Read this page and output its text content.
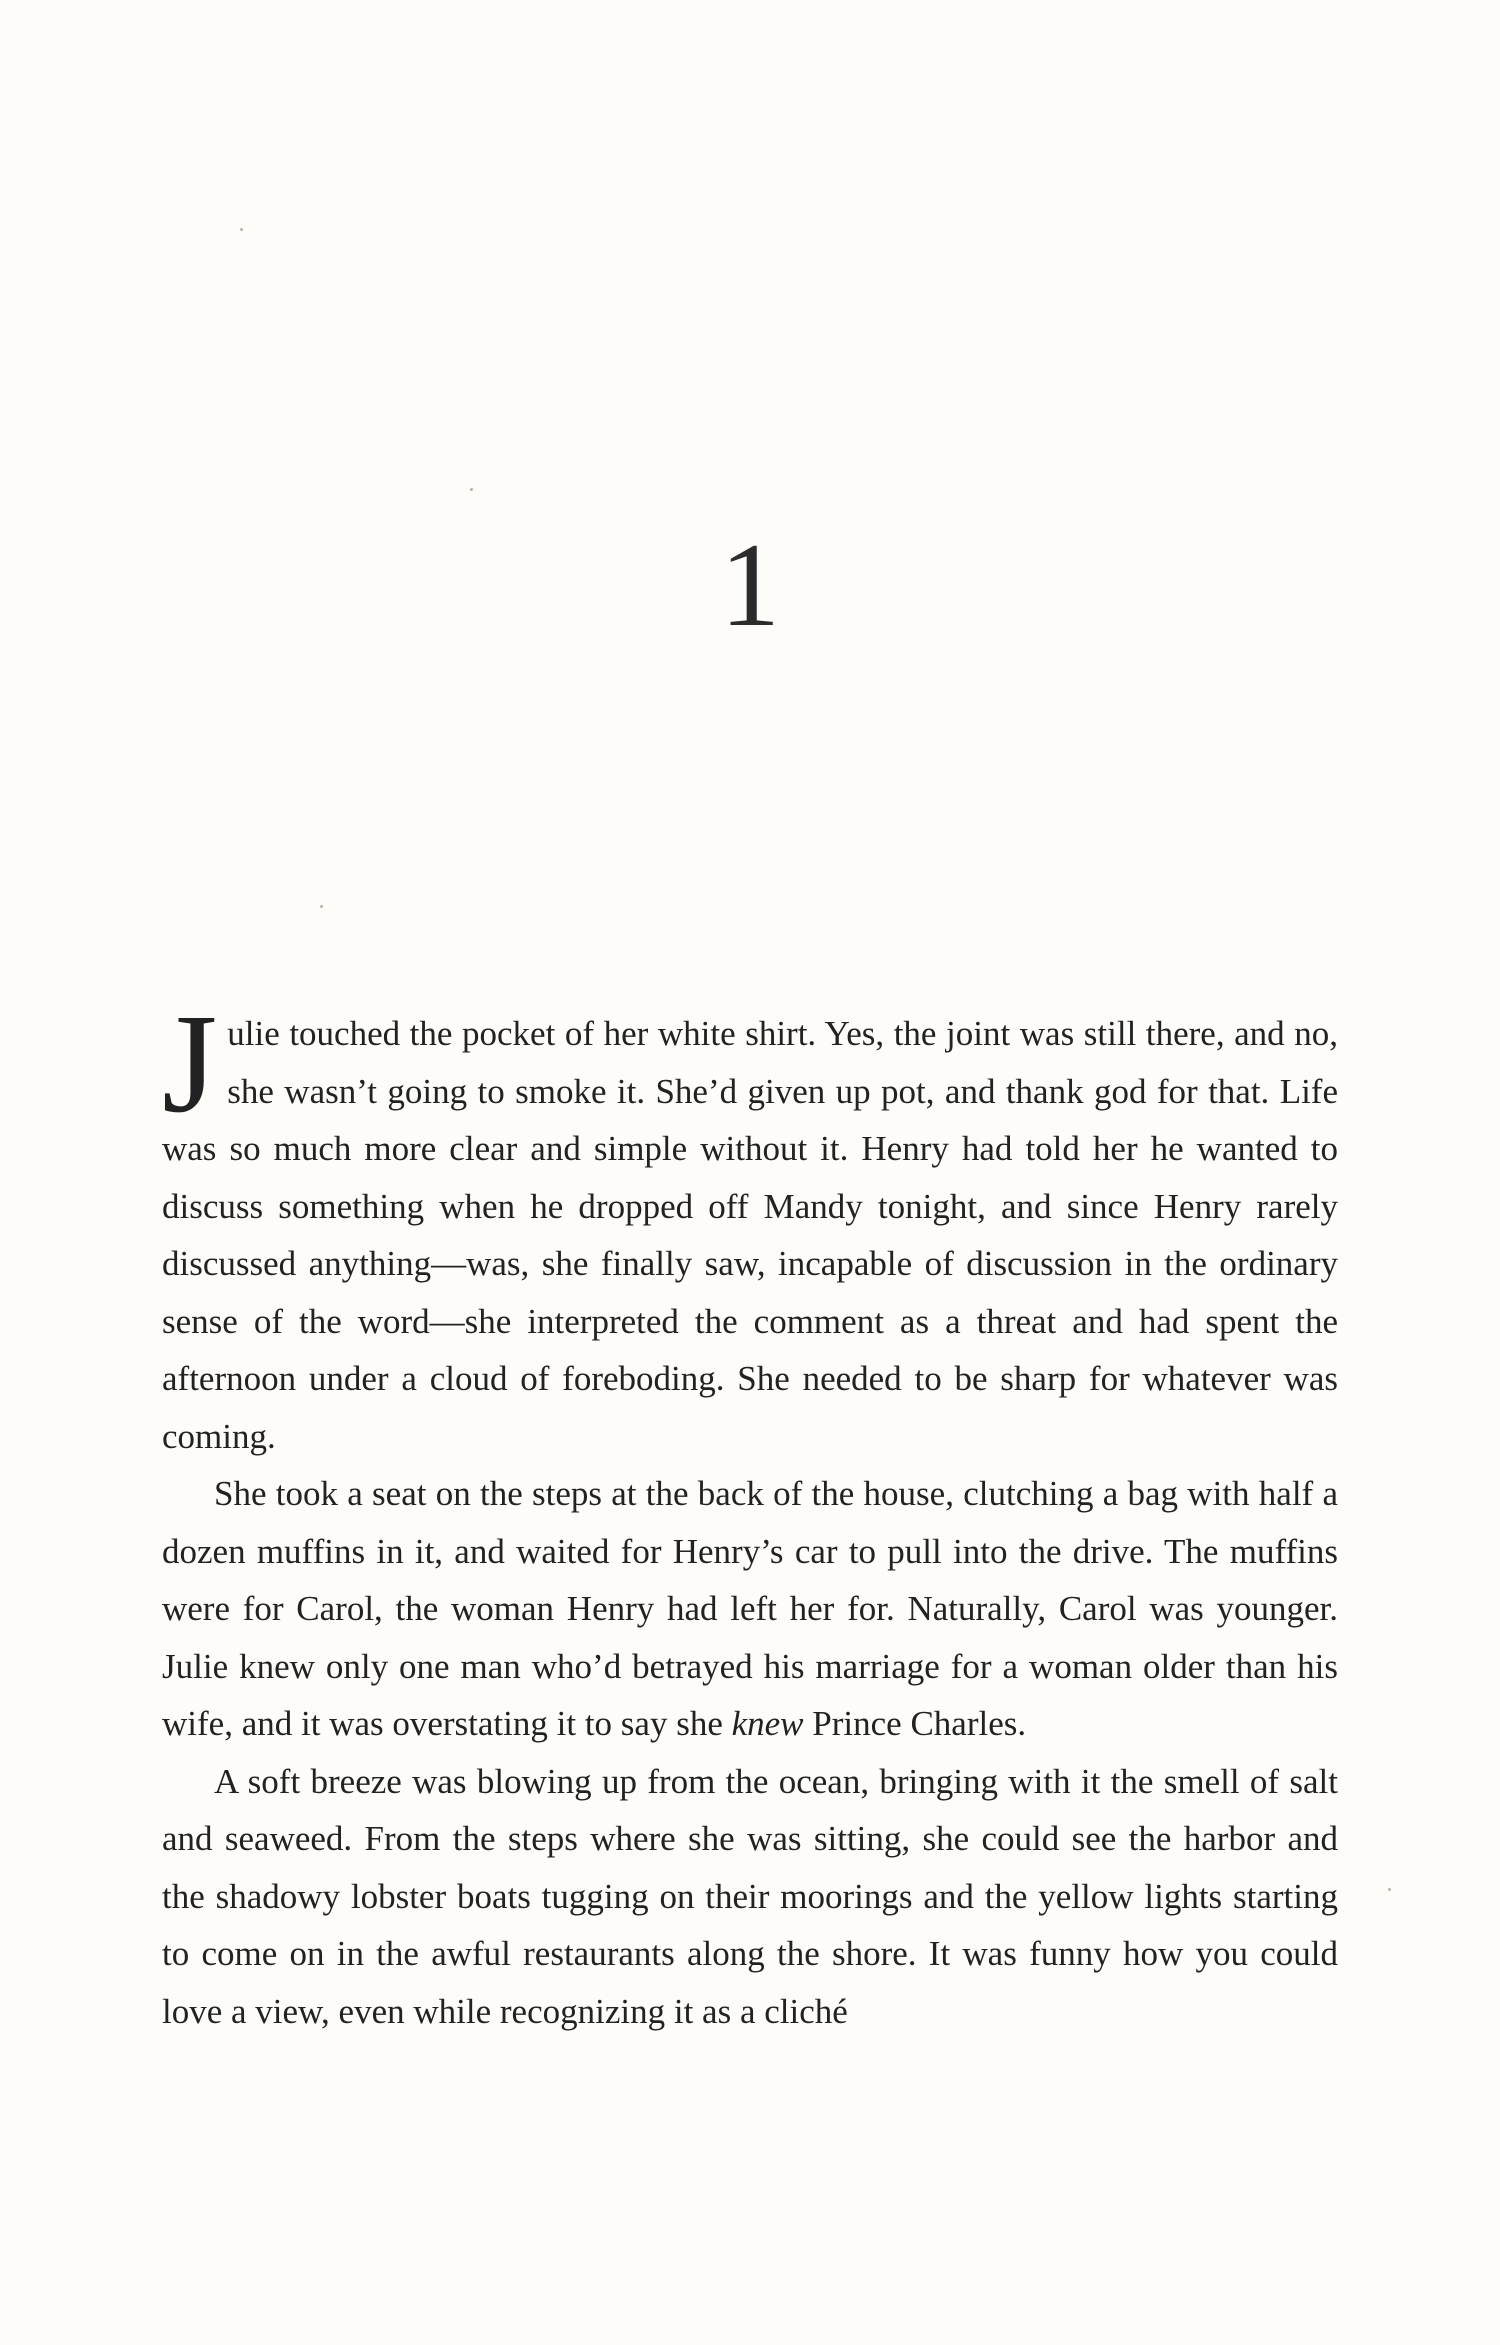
1

Julie touched the pocket of her white shirt. Yes, the joint was still there, and no, she wasn’t going to smoke it. She’d given up pot, and thank god for that. Life was so much more clear and simple without it. Henry had told her he wanted to discuss something when he dropped off Mandy tonight, and since Henry rarely discussed anything—was, she finally saw, incapable of discussion in the ordinary sense of the word—she interpreted the comment as a threat and had spent the afternoon under a cloud of foreboding. She needed to be sharp for whatever was coming.

She took a seat on the steps at the back of the house, clutching a bag with half a dozen muffins in it, and waited for Henry’s car to pull into the drive. The muffins were for Carol, the woman Henry had left her for. Naturally, Carol was younger. Julie knew only one man who’d betrayed his marriage for a woman older than his wife, and it was overstating it to say she knew Prince Charles.

A soft breeze was blowing up from the ocean, bringing with it the smell of salt and seaweed. From the steps where she was sitting, she could see the harbor and the shadowy lobster boats tugging on their moorings and the yellow lights starting to come on in the awful restaurants along the shore. It was funny how you could love a view, even while recognizing it as a cliché
